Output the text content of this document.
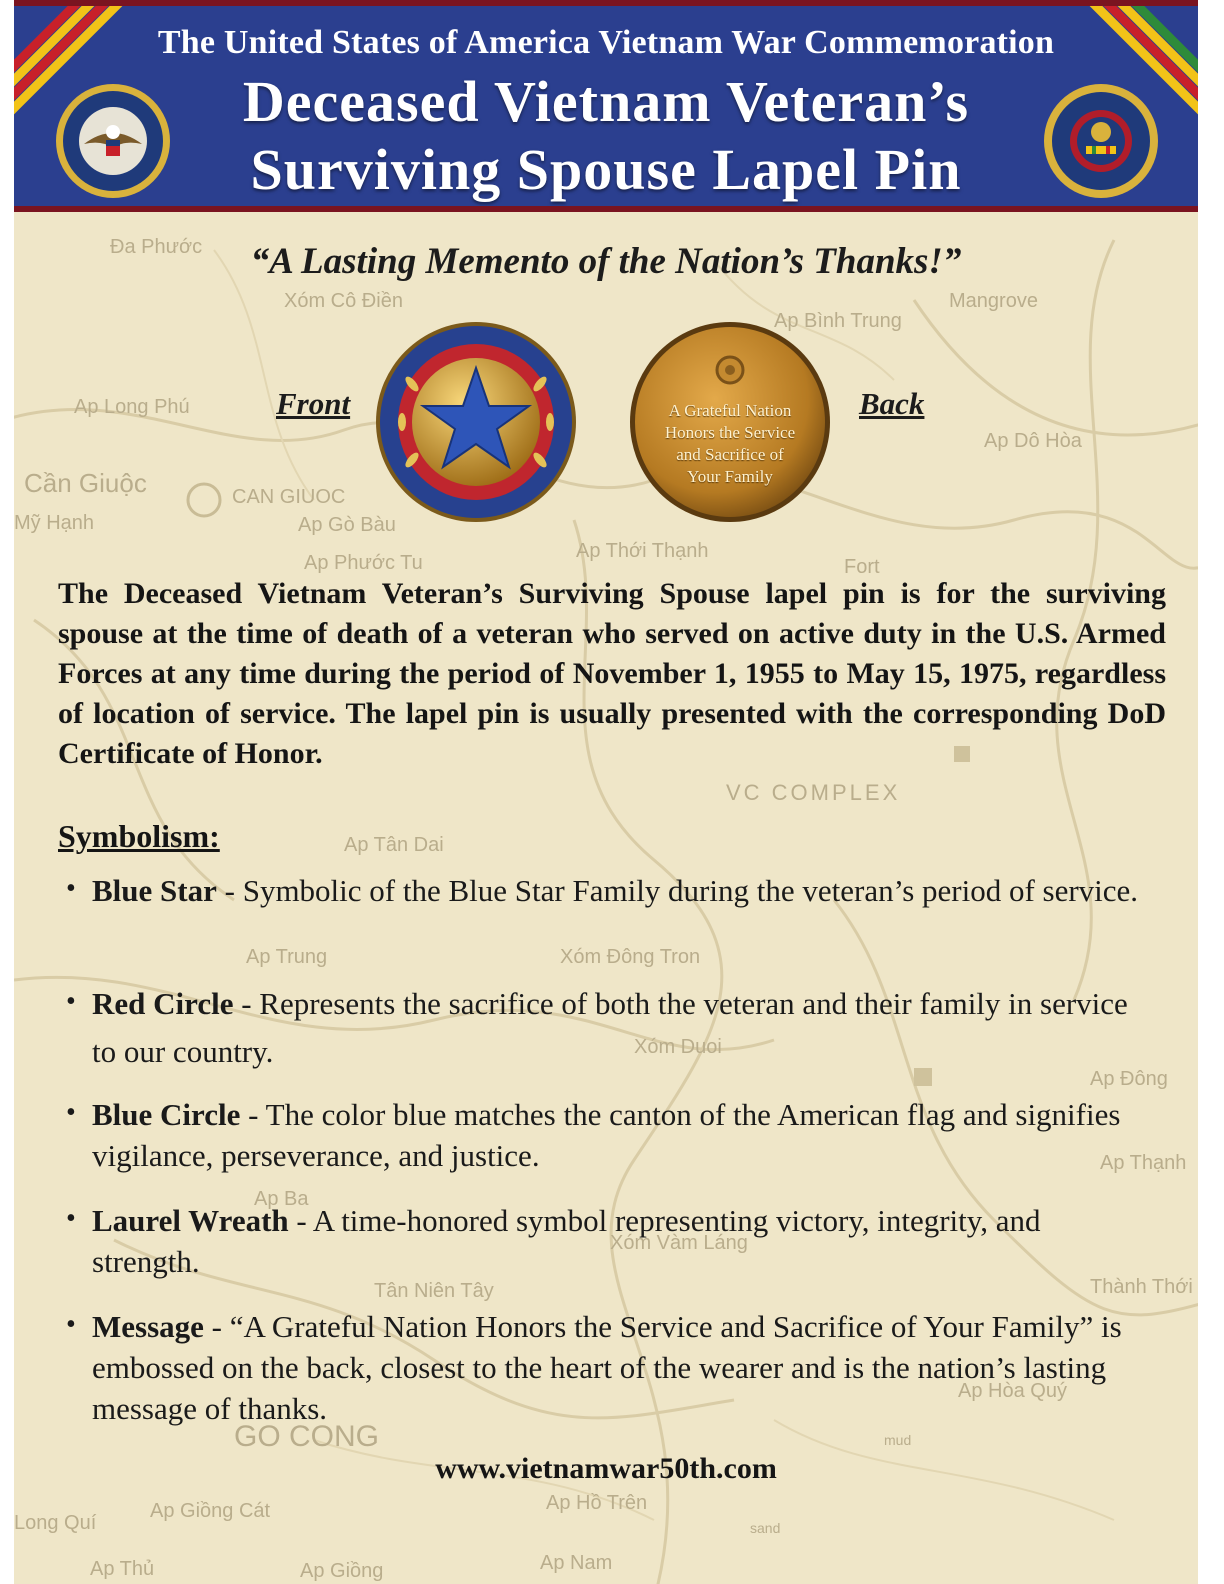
Đa Phước
Xóm Cô Điền	Mangrove
Ap Bình Trung
Ap Long Phú
Ap Dô Hòa
Cần Giuộc	CAN GIUOC
Ap Gò Bàu
Mỹ Hạnh
Ap Phước Tu
Ap Thới Thạnh
Fort
VC COMPLEX
Ap Tân Dai
Xóm Đông Tron
Ap Trung
Xóm Duoi
Ap Đông
Ap Thạnh
Ap Ba
Xóm Vàm Láng
Tân Niên Tây	Thành Thới
GO CONG
Ap Hòa Quý
Ap Giồng Cát	Ap Hồ Trên
Ap Nam
Long Quí
Ap Thủ	Ap Giồng
mud
sand
The United States of America Vietnam War Commemoration
Deceased Vietnam Veteran’s
Surviving Spouse Lapel Pin
“A Lasting Memento of the Nation’s Thanks!”
Front	Back
A Grateful Nation
Honors the Service
and Sacrifice of
Your Family
The Deceased Vietnam Veteran’s Surviving Spouse lapel pin is for the surviving spouse at the time of death of a veteran who served on active duty in the U.S. Armed Forces at any time during the period of November 1, 1955 to May 15, 1975, regardless of location of service. The lapel pin is usually presented with the corresponding DoD Certificate of Honor.
Symbolism:
• Blue Star - Symbolic of the Blue Star Family during the veteran’s period of service.
• Red Circle - Represents the sacrifice of both the veteran and their family in service to our country.
• Blue Circle - The color blue matches the canton of the American flag and signifies vigilance, perseverance, and justice.
• Laurel Wreath - A time-honored symbol representing victory, integrity, and strength.
• Message - “A Grateful Nation Honors the Service and Sacrifice of Your Family” is embossed on the back, closest to the heart of the wearer and is the nation’s lasting message of thanks.
www.vietnamwar50th.com
